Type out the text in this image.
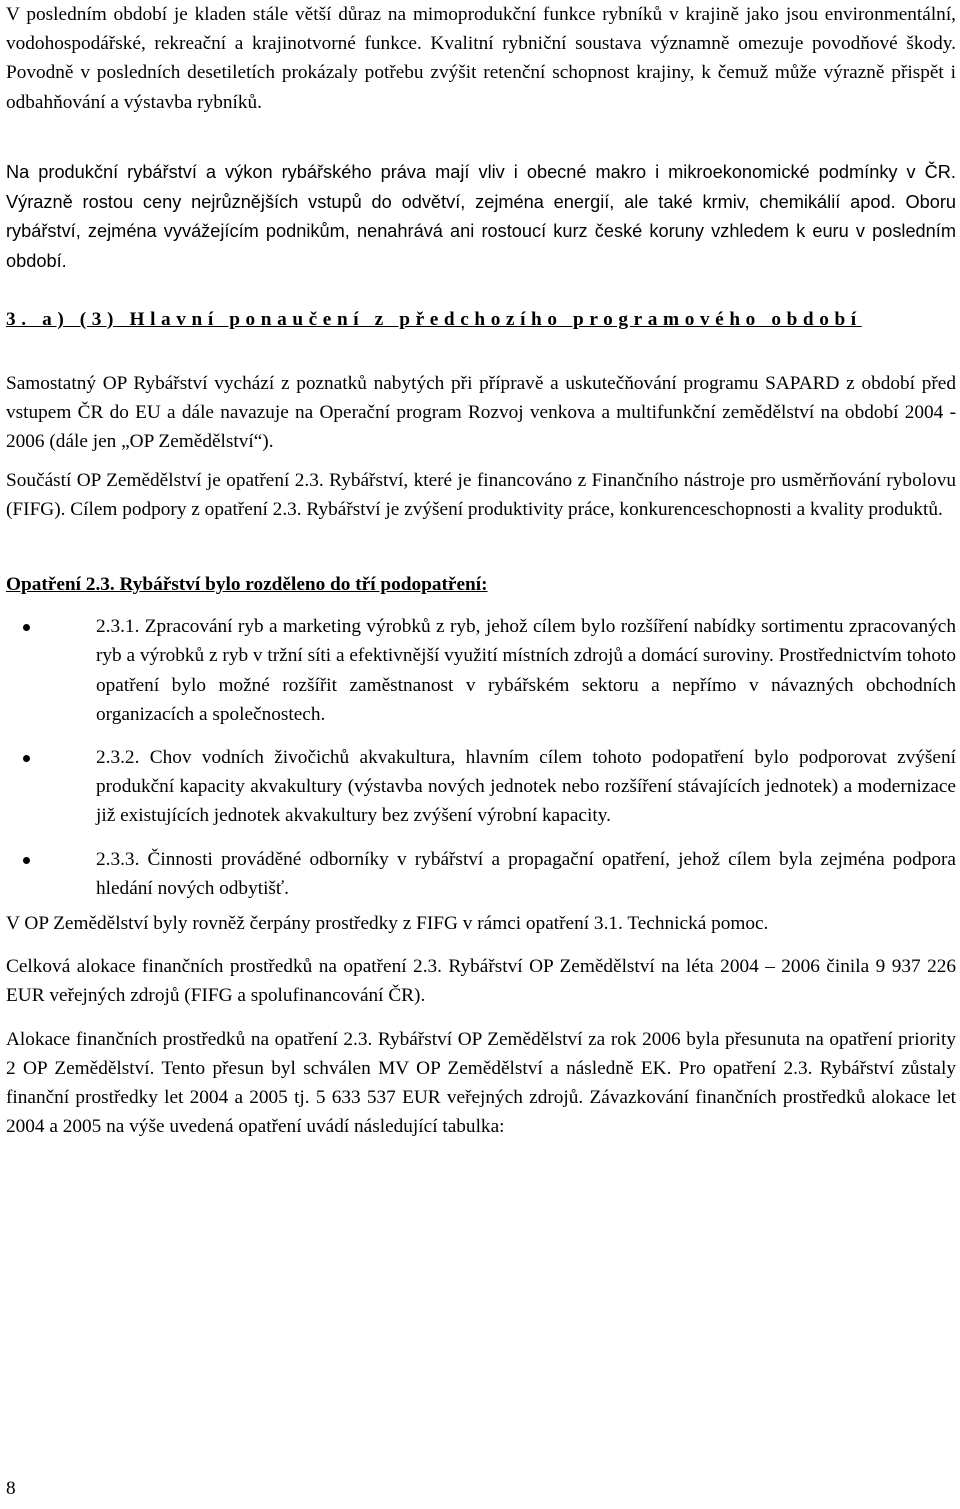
V posledním období je kladen stále větší důraz na mimoprodukční funkce rybníků v krajině jako jsou environmentální, vodohospodářské, rekreační a krajinotvorné funkce. Kvalitní rybniční soustava významně omezuje povodňové škody. Povodně v posledních desetiletích prokázaly potřebu zvýšit retenční schopnost krajiny, k čemuž může výrazně přispět i odbahňování a výstavba rybníků.

Na produkční rybářství a výkon rybářského práva mají vliv i obecné makro i mikroekonomické podmínky v ČR. Výrazně rostou ceny nejrůznějších vstupů do odvětví, zejména energií, ale také krmiv, chemikálií apod. Oboru rybářství, zejména vyvážejícím podnikům, nenahrává ani rostoucí kurz české koruny vzhledem k euru v posledním období.

Samostatný OP Rybářství vychází z poznatků nabytých při přípravě a uskutečňování programu SAPARD z období před vstupem ČR do EU a dále navazuje na Operační program Rozvoj venkova a multifunkční zemědělství na období 2004 - 2006 (dále jen „OP Zemědělství“).

Součástí OP Zemědělství je opatření 2.3. Rybářství, které je financováno z Finančního nástroje pro usměrňování rybolovu (FIFG). Cílem podpory z opatření 2.3. Rybářství je zvýšení produktivity práce, konkurenceschopnosti a kvality produktů.

Opatření 2.3. Rybářství bylo rozděleno do tří podopatření:

2.3.1. Zpracování ryb a marketing výrobků z ryb, jehož cílem bylo rozšíření nabídky sortimentu zpracovaných ryb a výrobků z ryb v tržní síti a efektivnější využití místních zdrojů a domácí suroviny. Prostřednictvím tohoto opatření bylo možné rozšířit zaměstnanost v rybářském sektoru a nepřímo v návazných obchodních organizacích a společnostech.
2.3.2. Chov vodních živočichů akvakultura, hlavním cílem tohoto podopatření bylo podporovat zvýšení produkční kapacity akvakultury (výstavba nových jednotek nebo rozšíření stávajících jednotek) a modernizace již existujících jednotek akvakultury bez zvýšení výrobní kapacity.
2.3.3. Činnosti prováděné odborníky v rybářství a propagační opatření, jehož cílem byla zejména podpora hledání nových odbytišť.

V OP Zemědělství byly rovněž čerpány prostředky z FIFG v rámci opatření 3.1. Technická pomoc.

Celková alokace finančních prostředků na opatření 2.3. Rybářství OP Zemědělství na léta 2004 – 2006 činila 9 937 226 EUR veřejných zdrojů (FIFG a spolufinancování ČR).

Alokace finančních prostředků na opatření 2.3. Rybářství OP Zemědělství za rok 2006 byla přesunuta na opatření priority 2 OP Zemědělství. Tento přesun byl schválen MV OP Zemědělství a následně EK. Pro opatření 2.3. Rybářství zůstaly finanční prostředky let 2004 a 2005 tj. 5 633 537 EUR veřejných zdrojů. Závazkování finančních prostředků alokace let 2004 a 2005 na výše uvedená opatření uvádí následující tabulka:

3. a) (3) Hlavní ponaučení z předchozího programového období
8
